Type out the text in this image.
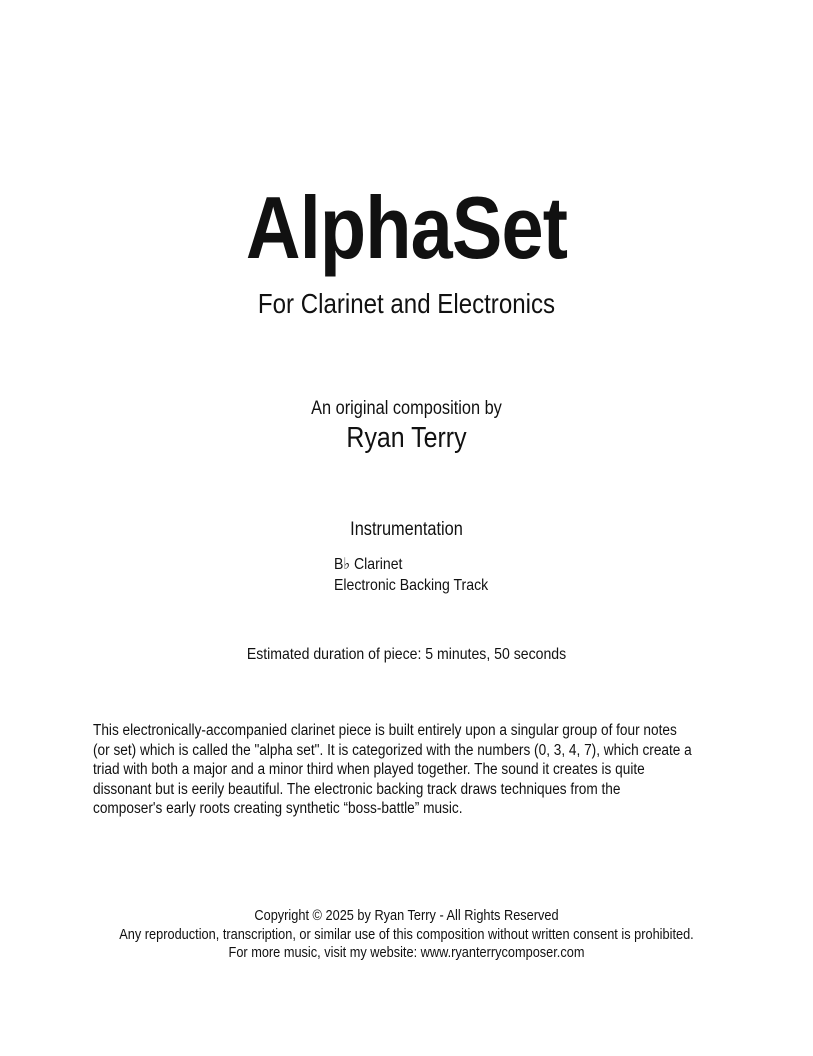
AlphaSet
For Clarinet and Electronics
An original composition by
Ryan Terry
Instrumentation
B♭ Clarinet
Electronic Backing Track
Estimated duration of piece: 5 minutes, 50 seconds
This electronically-accompanied clarinet piece is built entirely upon a singular group of four notes
(or set) which is called the "alpha set". It is categorized with the numbers (0, 3, 4, 7), which create a
triad with both a major and a minor third when played together. The sound it creates is quite
dissonant but is eerily beautiful. The electronic backing track draws techniques from the
composer's early roots creating synthetic “boss-battle” music.
Copyright © 2025 by Ryan Terry - All Rights Reserved
Any reproduction, transcription, or similar use of this composition without written consent is prohibited.
For more music, visit my website: www.ryanterrycomposer.com
